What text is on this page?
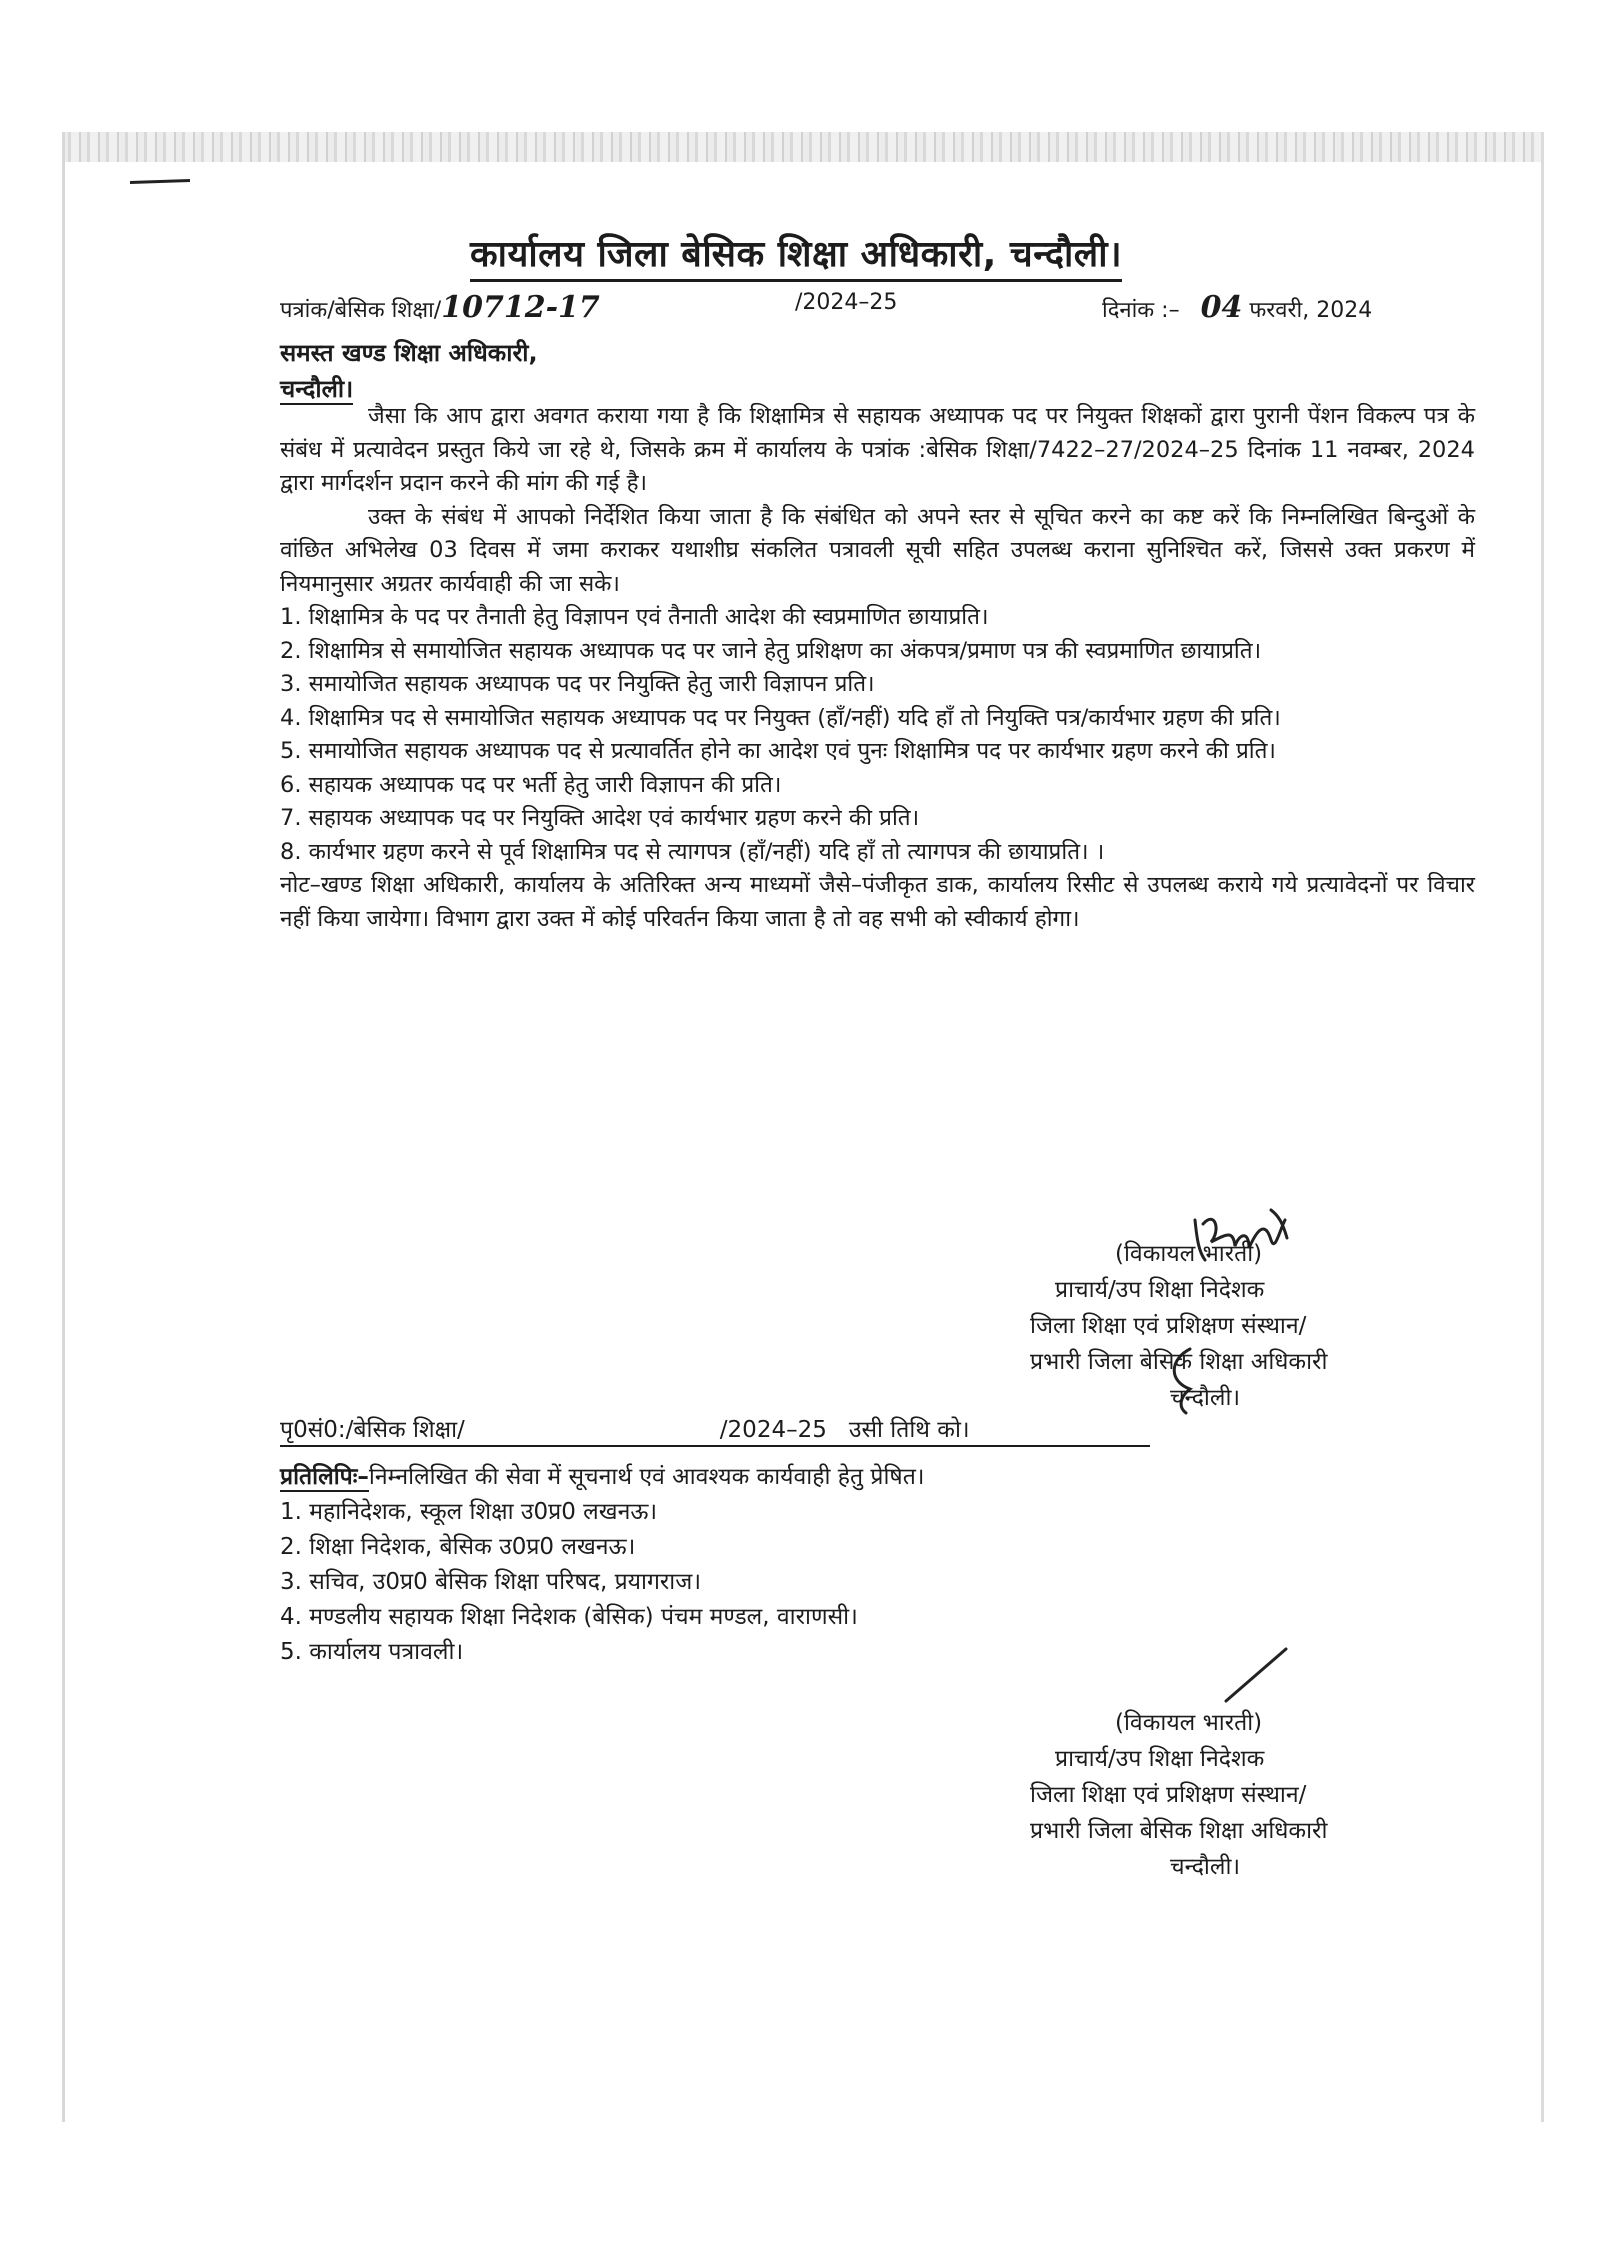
कार्यालय जिला बेसिक शिक्षा अधिकारी, चन्दौली।
पत्रांक/बेसिक शिक्षा/10712-17	/2024–25	दिनांक :– 04 फरवरी, 2024
समस्त खण्ड शिक्षा अधिकारी,
चन्दौली।

जैसा कि आप द्वारा अवगत कराया गया है कि शिक्षामित्र से सहायक अध्यापक पद पर नियुक्त शिक्षकों द्वारा पुरानी पेंशन विकल्प पत्र के संबंध में प्रत्यावेदन प्रस्तुत किये जा रहे थे, जिसके क्रम में कार्यालय के पत्रांक :बेसिक शिक्षा/7422–27/2024–25 दिनांक 11 नवम्बर, 2024 द्वारा मार्गदर्शन प्रदान करने की मांग की गई है।

उक्त के संबंध में आपको निर्देशित किया जाता है कि संबंधित को अपने स्तर से सूचित करने का कष्ट करें कि निम्नलिखित बिन्दुओं के वांछित अभिलेख 03 दिवस में जमा कराकर यथाशीघ्र संकलित पत्रावली सूची सहित उपलब्ध कराना सुनिश्चित करें, जिससे उक्त प्रकरण में नियमानुसार अग्रतर कार्यवाही की जा सके।

1. शिक्षामित्र के पद पर तैनाती हेतु विज्ञापन एवं तैनाती आदेश की स्वप्रमाणित छायाप्रति।

2. शिक्षामित्र से समायोजित सहायक अध्यापक पद पर जाने हेतु प्रशिक्षण का अंकपत्र/प्रमाण पत्र की स्वप्रमाणित छायाप्रति।

3. समायोजित सहायक अध्यापक पद पर नियुक्ति हेतु जारी विज्ञापन प्रति।

4. शिक्षामित्र पद से समायोजित सहायक अध्यापक पद पर नियुक्त (हाँ/नहीं) यदि हाँ तो नियुक्ति पत्र/कार्यभार ग्रहण की प्रति।

5. समायोजित सहायक अध्यापक पद से प्रत्यावर्तित होने का आदेश एवं पुनः शिक्षामित्र पद पर कार्यभार ग्रहण करने की प्रति।

6. सहायक अध्यापक पद पर भर्ती हेतु जारी विज्ञापन की प्रति।

7. सहायक अध्यापक पद पर नियुक्ति आदेश एवं कार्यभार ग्रहण करने की प्रति।

8. कार्यभार ग्रहण करने से पूर्व शिक्षामित्र पद से त्यागपत्र (हाँ/नहीं) यदि हाँ तो त्यागपत्र की छायाप्रति। ।

नोट–खण्ड शिक्षा अधिकारी, कार्यालय के अतिरिक्त अन्य माध्यमों जैसे–पंजीकृत डाक, कार्यालय रिसीट से उपलब्ध कराये गये प्रत्यावेदनों पर विचार नहीं किया जायेगा। विभाग द्वारा उक्त में कोई परिवर्तन किया जाता है तो वह सभी को स्वीकार्य होगा।

(विकायल भारती)
प्राचार्य/उप शिक्षा निदेशक
जिला शिक्षा एवं प्रशिक्षण संस्थान/
प्रभारी जिला बेसिक शिक्षा अधिकारी
चन्दौली।
पृ0सं0:/बेसिक शिक्षा/	/2024–25 उसी तिथि को।

प्रतिलिपिः–निम्नलिखित की सेवा में सूचनार्थ एवं आवश्यक कार्यवाही हेतु प्रेषित।

1. महानिदेशक, स्कूल शिक्षा उ0प्र0 लखनऊ।

2. शिक्षा निदेशक, बेसिक उ0प्र0 लखनऊ।

3. सचिव, उ0प्र0 बेसिक शिक्षा परिषद, प्रयागराज।

4. मण्डलीय सहायक शिक्षा निदेशक (बेसिक) पंचम मण्डल, वाराणसी।

5. कार्यालय पत्रावली।

(विकायल भारती)
प्राचार्य/उप शिक्षा निदेशक
जिला शिक्षा एवं प्रशिक्षण संस्थान/
प्रभारी जिला बेसिक शिक्षा अधिकारी
चन्दौली।
